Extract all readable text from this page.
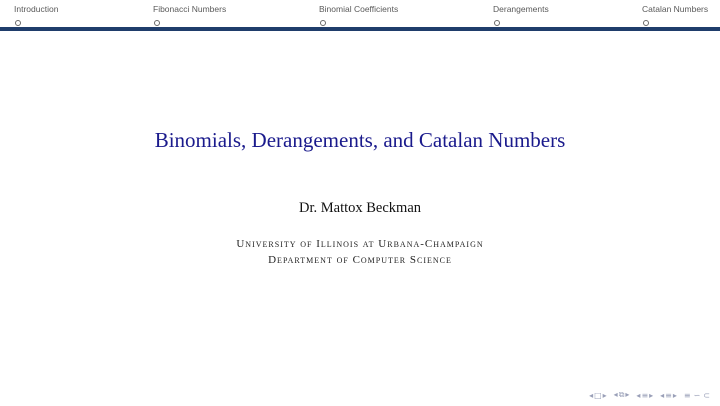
Introduction	Fibonacci Numbers	Binomial Coefficients	Derangements	Catalan Numbers
Binomials, Derangements, and Catalan Numbers
Dr. Mattox Beckman
University of Illinois at Urbana-Champaign
Department of Computer Science
◂ □ ▸ ◂ ⧉ ▸ ◂ ≡ ▸ ◂ ≡ ▸ ≡ ∽ ⊂
